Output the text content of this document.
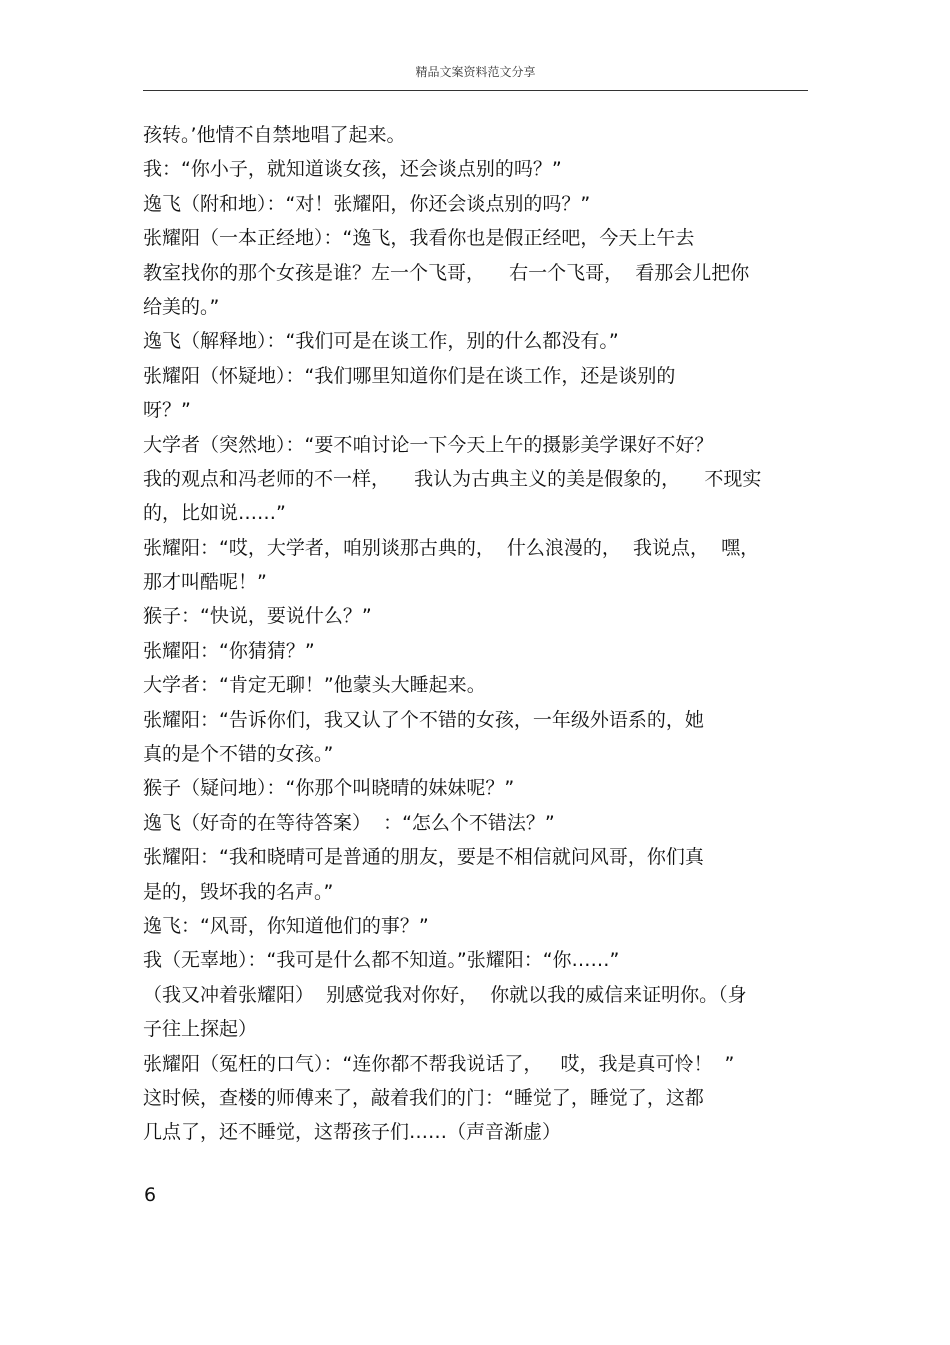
精品文案资料范文分享
孩转。’他情不自禁地唱了起来。
我：“你小子，就知道谈女孩，还会谈点别的吗？”
逸飞（附和地）：“对！张耀阳，你还会谈点别的吗？”
张耀阳（一本正经地）：“逸飞，我看你也是假正经吧，今天上午去
教室找你的那个女孩是谁？左一个飞哥，    右一个飞哥，  看那会儿把你
给美的。”
逸飞（解释地）：“我们可是在谈工作，别的什么都没有。”
张耀阳（怀疑地）：“我们哪里知道你们是在谈工作，还是谈别的
呀？”
大学者（突然地）：“要不咱讨论一下今天上午的摄影美学课好不好？
我的观点和冯老师的不一样，    我认为古典主义的美是假象的，    不现实
的，比如说……”
张耀阳：“哎，大学者，咱别谈那古典的，  什么浪漫的，  我说点，  嘿，
那才叫酷呢！”
猴子：“快说，要说什么？”
张耀阳：“你猜猜？”
大学者：“肯定无聊！”他蒙头大睡起来。
张耀阳：“告诉你们，我又认了个不错的女孩，一年级外语系的，她
真的是个不错的女孩。”
猴子（疑问地）：“你那个叫晓晴的妹妹呢？”
逸飞（好奇的在等待答案）  ：“怎么个不错法？”
张耀阳：“我和晓晴可是普通的朋友，要是不相信就问风哥，你们真
是的，毁坏我的名声。”
逸飞：“风哥，你知道他们的事？”
我（无辜地）：“我可是什么都不知道。”张耀阳：“你……”
（我又冲着张耀阳）  别感觉我对你好，  你就以我的威信来证明你。（身
子往上探起）
张耀阳（冤枉的口气）：“连你都不帮我说话了，   哎，我是真可怜！  ”
这时候，查楼的师傅来了，敲着我们的门：“睡觉了，睡觉了，这都
几点了，还不睡觉，这帮孩子们……（声音渐虚）
6
